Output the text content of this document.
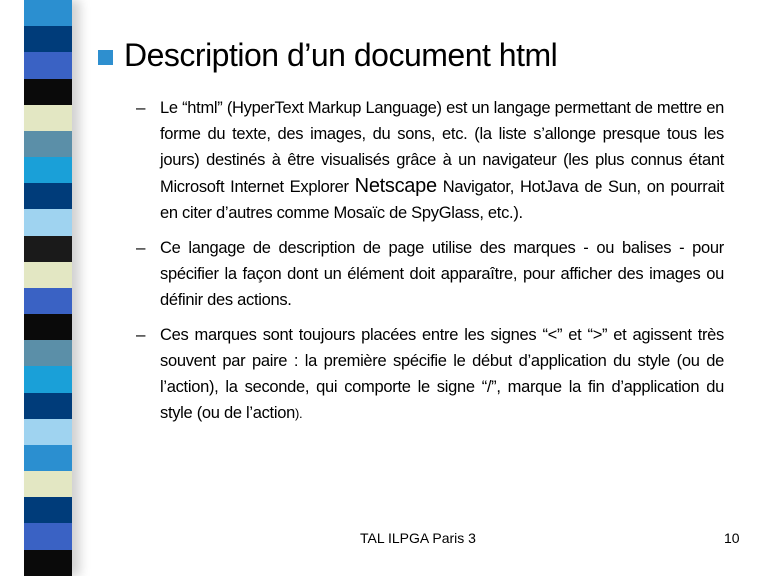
Description d’un document html
– Le “html” (HyperText Markup Language) est un langage permettant de mettre en forme du texte, des images, du sons, etc. (la liste s’allonge presque tous les jours) destinés à être visualisés grâce à un navigateur (les plus connus étant Microsoft Internet Explorer Netscape Navigator, HotJava de Sun, on pourrait en citer d’autres comme Mosaïc de SpyGlass, etc.).
– Ce langage de description de page utilise des marques - ou balises - pour spécifier la façon dont un élément doit apparaître, pour afficher des images ou définir des actions.
– Ces marques sont toujours placées entre les signes “<” et “>” et agissent très souvent par paire : la première spécifie le début d’application du style (ou de l’action), la seconde, qui comporte le signe “/”, marque la fin d’application du style (ou de l’action).
TAL ILPGA Paris 3	10
